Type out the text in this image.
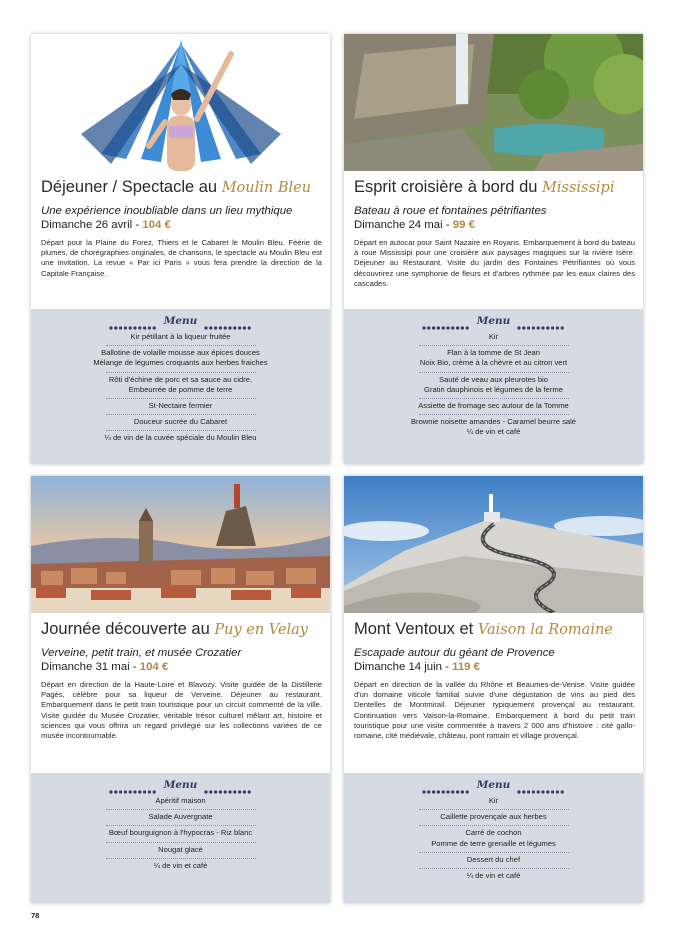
Déjeuner / Spectacle au Moulin Bleu
Une expérience inoubliable dans un lieu mythique
Dimanche 26 avril - 104 €
Départ pour la Plaine du Forez, Thiers et le Cabaret le Moulin Bleu. Féérie de plumes, de chorégraphies originales, de chansons, le spectacle au Moulin Bleu est une invitation. La revue « Par ici Paris » vous fera prendre la direction de la Capitale Française.
Menu
Kir pétillant à la liqueur fruitée
Ballotine de volaille mousse aux épices douces
Mélange de légumes croquants aux herbes fraiches
Rôti d'échine de porc et sa sauce au cidre,
Embeurrée de pomme de terre
St-Nectaire fermier
Douceur sucrée du Cabaret
¼ de vin de la cuvée spéciale du Moulin Bleu
Esprit croisière à bord du Mississipi
Bateau à roue et fontaines pétrifiantes
Dimanche 24 mai - 99 €
Départ en autocar pour Saint Nazaire en Royans. Embarquement à bord du bateau à roue Mississipi pour une croisière aux paysages magiques sur la rivière Isère. Déjeuner au Restaurant. Visite du jardin des Fontaines Pétrifiantes où vous découvrirez une symphonie de fleurs et d'arbres rythmée par les eaux claires des cascades.
Menu
Kir
Flan à la tomme de St Jean
Noix Bio, crème à la chèvre et au citron vert
Sauté de veau aux pleurotes bio
Gratin dauphinois et légumes de la ferme
Assiette de fromage sec autour de la Tomme
Brownie noisette amandes - Caramel beurre salé
¼ de vin et café
Journée découverte au Puy en Velay
Verveine, petit train, et musée Crozatier
Dimanche 31 mai - 104 €
Départ en direction de la Haute-Loire et Blavozy. Visite guidée de la Distillerie Pagès, célèbre pour sa liqueur de Verveine. Déjeuner au restaurant. Embarquement dans le petit train touristique pour un circuit commenté de la ville. Visite guidée du Musée Crozatier, véritable trésor culturel mêlant art, histoire et sciences qui vous offrira un regard privilégié sur les collections variées de ce musée incontournable.
Menu
Apéritif maison
Salade Auvergnate
Bœuf bourguignon à l'hypocras - Riz blanc
Nougat glacé
¼ de vin et café
Mont Ventoux et Vaison la Romaine
Escapade autour du géant de Provence
Dimanche 14 juin - 119 €
Départ en direction de la vallée du Rhône et Beaumes-de-Venise. Visite guidée d'un domaine viticole familial suivie d'une dégustation de vins au pied des Dentelles de Montmirail. Déjeuner typiquement provençal au restaurant. Continuation vers Vaison-la-Romaine. Embarquement à bord du petit train touristique pour une visite commentée à travers 2 000 ans d'histoire : cité gallo-romaine, cité médiévale, château, pont romain et village provençal.
Menu
Kir
Caillette provençale aux herbes
Carré de cochon
Pomme de terre grenaille et légumes
Dessert du chef
¼ de vin et café
78
